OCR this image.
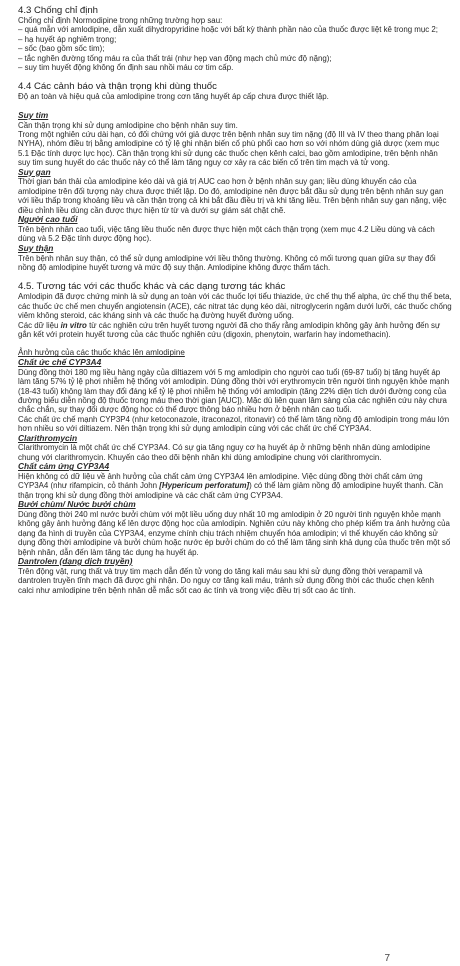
4.3 Chống chỉ định

Chống chỉ định Normodipine trong những trường hợp sau:

– quá mẫn với amlodipine, dẫn xuất dihydropyridine hoặc với bất kỳ thành phần nào của thuốc được liệt kê trong mục 2;

– hạ huyết áp nghiêm trọng;

– sốc (bao gồm sốc tim);

– tắc nghẽn đường tống máu ra của thất trái (như hẹp van động mạch chủ mức độ nặng);

– suy tim huyết động không ổn định sau nhồi máu cơ tim cấp.

4.4 Các cảnh báo và thận trọng khi dùng thuốc

Độ an toàn và hiệu quả của amlodipine trong cơn tăng huyết áp cấp chưa được thiết lập.

Suy tim

Cần thận trọng khi sử dụng amlodipine cho bệnh nhân suy tim.

Trong một nghiên cứu dài hạn, có đối chứng với giả dược trên bệnh nhân suy tim nặng (độ III và IV theo thang phân loại NYHA), nhóm điều trị bằng amlodipine có tỷ lệ ghi nhận biến cố phù phổi cao hơn so với nhóm dùng giả dược (xem mục 5.1 Đặc tính dược lực học). Cần thận trọng khi sử dụng các thuốc chẹn kênh calci, bao gồm amlodipine, trên bệnh nhân suy tim sung huyết do các thuốc này có thể làm tăng nguy cơ xảy ra các biến cố trên tim mạch và tử vong.

Suy gan

Thời gian bán thải của amlodipine kéo dài và giá trị AUC cao hơn ở bệnh nhân suy gan; liều dùng khuyến cáo của amlodipine trên đối tượng này chưa được thiết lập. Do đó, amlodipine nên được bắt đầu sử dụng trên bệnh nhân suy gan với liều thấp trong khoảng liều và cần thận trọng cả khi bắt đầu điều trị và khi tăng liều. Trên bệnh nhân suy gan nặng, việc điều chỉnh liều dùng cần được thực hiện từ từ và dưới sự giám sát chặt chẽ.

Người cao tuổi

Trên bệnh nhân cao tuổi, việc tăng liều thuốc nên được thực hiện một cách thận trọng (xem mục 4.2 Liều dùng và cách dùng và 5.2 Đặc tính dược động học).

Suy thận

Trên bệnh nhân suy thận, có thể sử dụng amlodipine với liều thông thường. Không có mối tương quan giữa sự thay đổi nồng độ amlodipine huyết tương và mức độ suy thận. Amlodipine không được thẩm tách.

4.5. Tương tác với các thuốc khác và các dạng tương tác khác

Amlodipin đã được chứng minh là sử dụng an toàn với các thuốc lợi tiểu thiazide, ức chế thụ thể alpha, ức chế thụ thể beta, các thuốc ức chế men chuyển angiotensin (ACE), các nitrat tác dụng kéo dài, nitroglycerin ngậm dưới lưỡi, các thuốc chống viêm không steroid, các kháng sinh và các thuốc hạ đường huyết đường uống.

Các dữ liệu in vitro từ các nghiên cứu trên huyết tương người đã cho thấy rằng amlodipin không gây ảnh hưởng đến sự gắn kết với protein huyết tương của các thuốc nghiên cứu (digoxin, phenytoin, warfarin hay indomethacin).

Ảnh hưởng của các thuốc khác lên amlodipine

Chất ức chế CYP3A4

Dùng đồng thời 180 mg liều hàng ngày của diltiazem với 5 mg amlodipin cho người cao tuổi (69-87 tuổi) bị tăng huyết áp làm tăng 57% tỷ lệ phơi nhiễm hệ thống với amlodipin. Dùng đồng thời với erythromycin trên người tình nguyện khỏe mạnh (18-43 tuổi) không làm thay đổi đáng kể tỷ lệ phơi nhiễm hệ thống với amlodipin (tăng 22% diện tích dưới đường cong của đường biểu diễn nồng độ thuốc trong máu theo thời gian [AUC]). Mặc dù liên quan lâm sàng của các nghiên cứu này chưa chắc chắn, sự thay đổi dược động học có thể được thông báo nhiều hơn ở bệnh nhân cao tuổi.

Các chất ức chế mạnh CYP3P4 (như ketoconazole, itraconazol, ritonavir) có thể làm tăng nồng độ amlodipin trong máu lớn hơn nhiều so với diltiazem. Nên thận trọng khi sử dụng amlodipin cùng với các chất ức chế CYP3A4.

Clarithromycin

Clarithromycin là một chất ức chế CYP3A4. Có sự gia tăng nguy cơ hạ huyết áp ở những bệnh nhân dùng amlodipine chung với clarithromycin. Khuyến cáo theo dõi bệnh nhân khi dùng amlodipine chung với clarithromycin.

Chất cảm ứng CYP3A4

Hiện không có dữ liệu về ảnh hưởng của chất cảm ứng CYP3A4 lên amlodipine. Việc dùng đồng thời chất cảm ứng CYP3A4 (như rifampicin, cỏ thánh John [Hypericum perforatum]) có thể làm giảm nồng độ amlodipine huyết thanh. Cần thận trọng khi sử dụng đồng thời amlodipine và các chất cảm ứng CYP3A4.

Bưởi chùm/ Nước bưởi chùm

Dùng đồng thời 240 ml nước bưởi chùm với một liều uống duy nhất 10 mg amlodipin ở 20 người tình nguyện khỏe mạnh không gây ảnh hưởng đáng kể lên dược động học của amlodipin. Nghiên cứu này không cho phép kiểm tra ảnh hưởng của dạng đa hình di truyền của CYP3A4, enzyme chính chịu trách nhiệm chuyển hóa amlodipin; vì thế khuyến cáo không sử dụng đồng thời amlodipine và bưởi chùm hoặc nước ép bưởi chùm do có thể làm tăng sinh khả dụng của thuốc trên một số bệnh nhân, dẫn đến làm tăng tác dụng hạ huyết áp.

Dantrolen (dạng dịch truyền)

Trên động vật, rung thất và trụy tim mạch dẫn đến tử vong do tăng kali máu sau khi sử dụng đồng thời verapamil và dantrolen truyền tĩnh mạch đã được ghi nhận. Do nguy cơ tăng kali máu, tránh sử dụng đồng thời các thuốc chẹn kênh calci như amlodipine trên bệnh nhân dễ mắc sốt cao ác tính và trong việc điều trị sốt cao ác tính.

7
